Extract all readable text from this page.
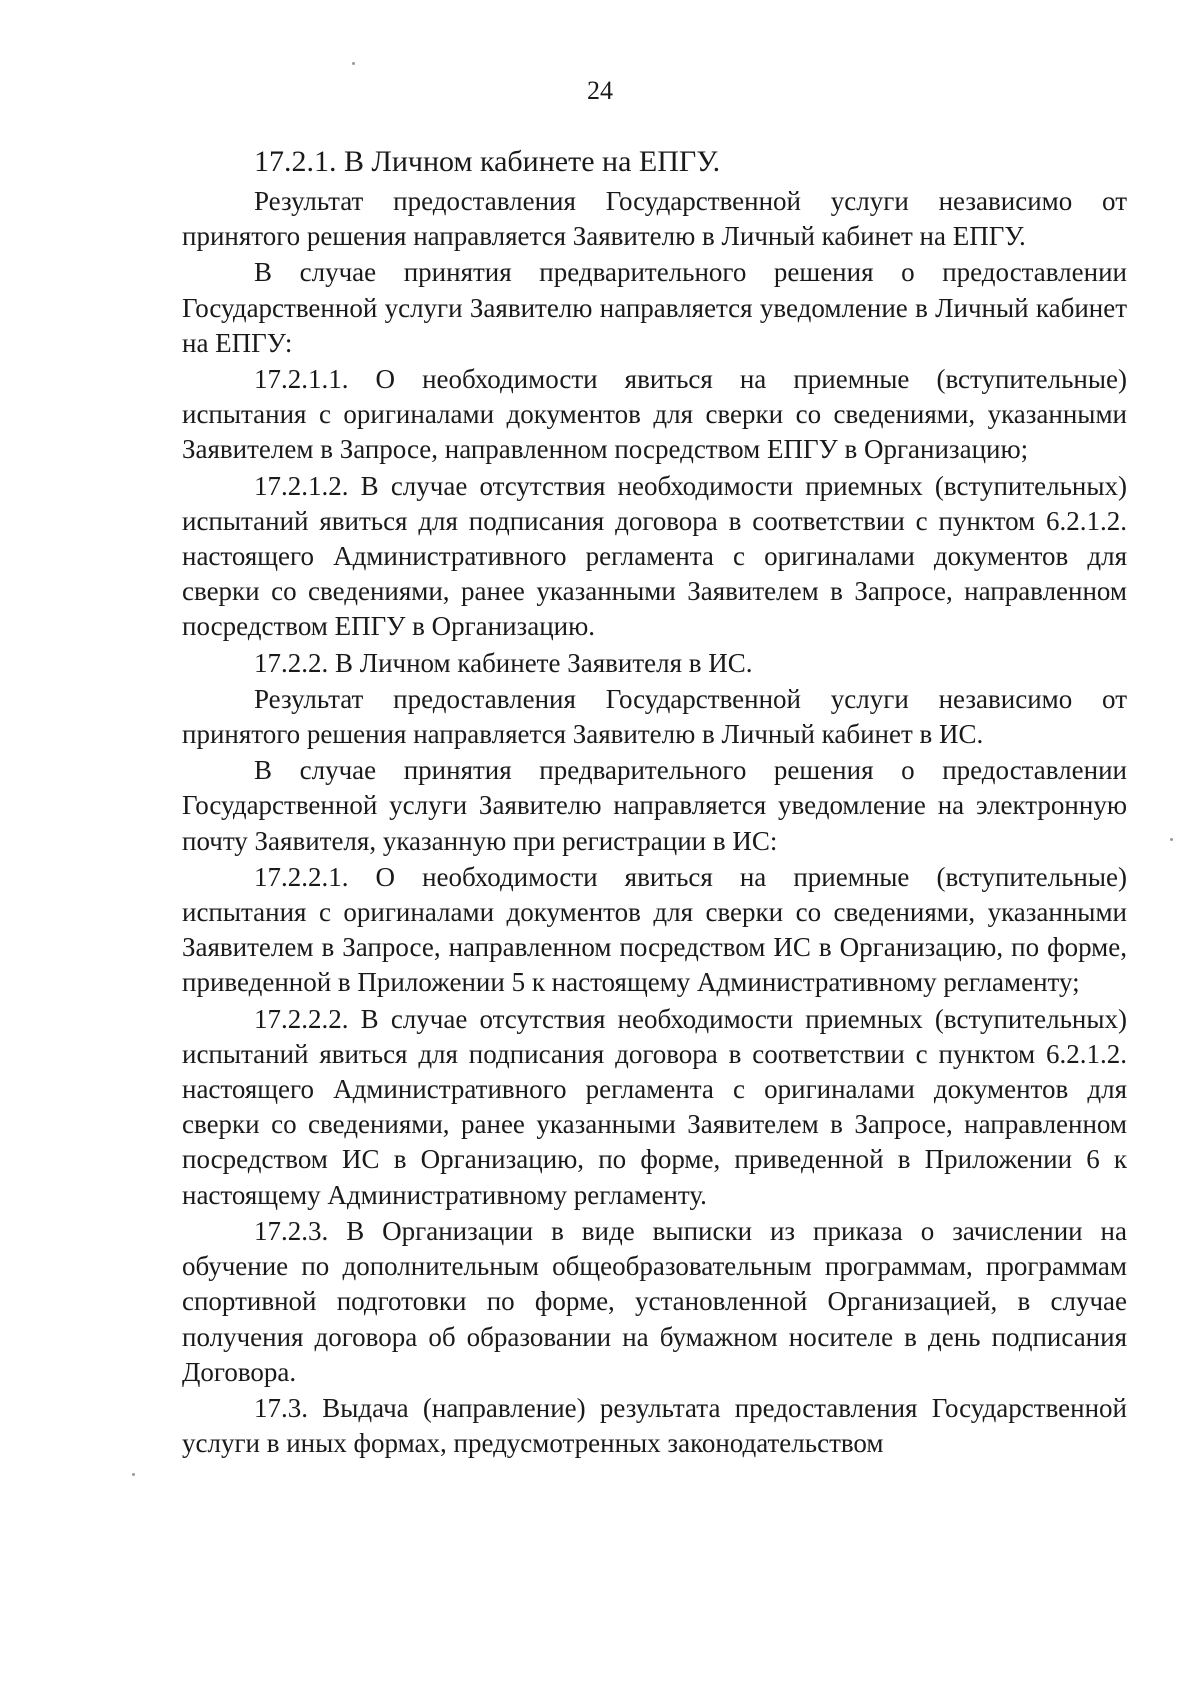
24

17.2.1. В Личном кабинете на ЕПГУ.

Результат предоставления Государственной услуги независимо от принятого решения направляется Заявителю в Личный кабинет на ЕПГУ.

В случае принятия предварительного решения о предоставлении Государственной услуги Заявителю направляется уведомление в Личный кабинет на ЕПГУ:

17.2.1.1. О необходимости явиться на приемные (вступительные) испытания с оригиналами документов для сверки со сведениями, указанными Заявителем в Запросе, направленном посредством ЕПГУ в Организацию;

17.2.1.2. В случае отсутствия необходимости приемных (вступительных) испытаний явиться для подписания договора в соответствии с пунктом 6.2.1.2. настоящего Административного регламента с оригиналами документов для сверки со сведениями, ранее указанными Заявителем в Запросе, направленном посредством ЕПГУ в Организацию.

17.2.2. В Личном кабинете Заявителя в ИС.

Результат предоставления Государственной услуги независимо от принятого решения направляется Заявителю в Личный кабинет в ИС.

В случае принятия предварительного решения о предоставлении Государственной услуги Заявителю направляется уведомление на электронную почту Заявителя, указанную при регистрации в ИС:

17.2.2.1. О необходимости явиться на приемные (вступительные) испытания с оригиналами документов для сверки со сведениями, указанными Заявителем в Запросе, направленном посредством ИС в Организацию, по форме, приведенной в Приложении 5 к настоящему Административному регламенту;

17.2.2.2. В случае отсутствия необходимости приемных (вступительных) испытаний явиться для подписания договора в соответствии с пунктом 6.2.1.2. настоящего Административного регламента с оригиналами документов для сверки со сведениями, ранее указанными Заявителем в Запросе, направленном посредством ИС в Организацию, по форме, приведенной в Приложении 6 к настоящему Административному регламенту.

17.2.3. В Организации в виде выписки из приказа о зачислении на обучение по дополнительным общеобразовательным программам, программам спортивной подготовки по форме, установленной Организацией, в случае получения договора об образовании на бумажном носителе в день подписания Договора.

17.3. Выдача (направление) результата предоставления Государственной услуги в иных формах, предусмотренных законодательством
